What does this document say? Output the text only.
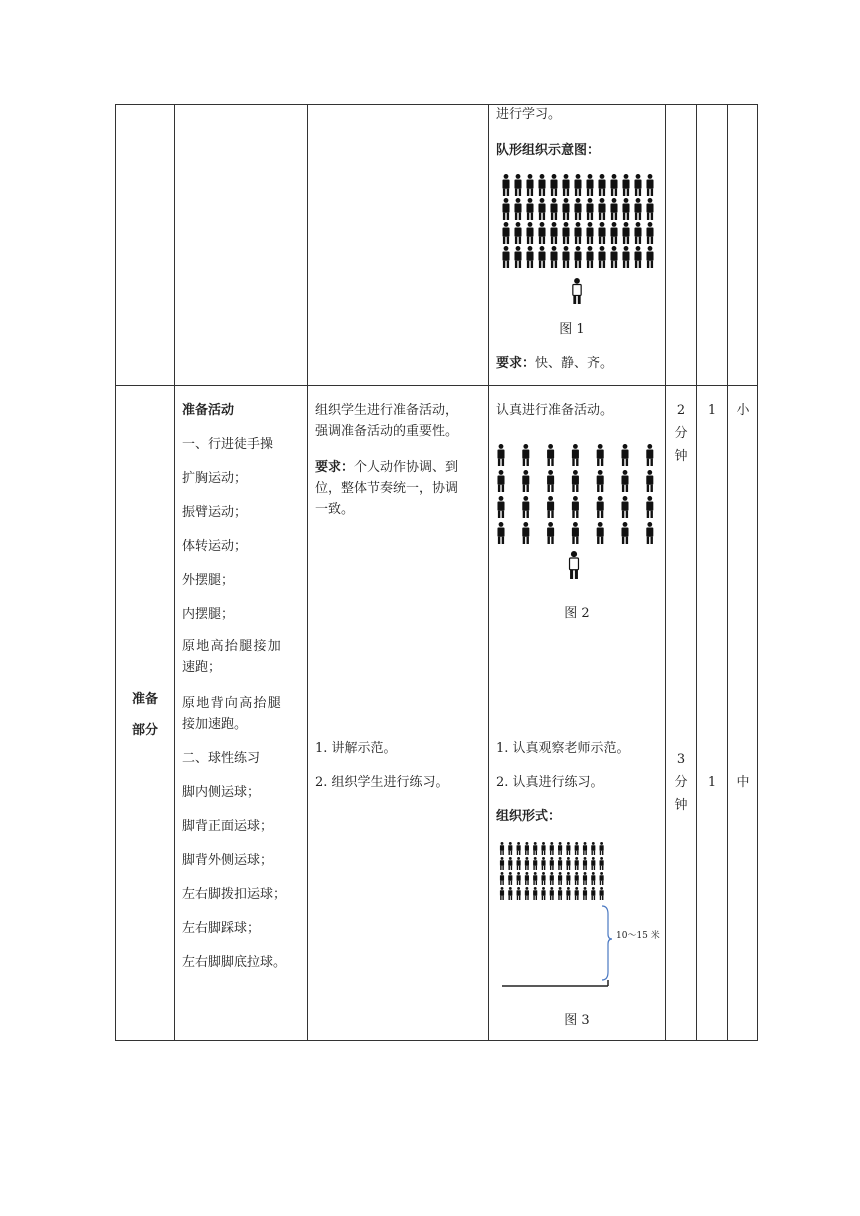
进行学习。
队形组织示意图：
图 1
要求：快、静、齐。
准备
部分
准备活动
一、行进徒手操
扩胸运动；
振臂运动；
体转运动；
外摆腿；
内摆腿；
原地高抬腿接加
速跑；
原地背向高抬腿
接加速跑。
二、球性练习
脚内侧运球；
脚背正面运球；
脚背外侧运球；
左右脚拨扣运球；
左右脚踩球；
左右脚脚底拉球。
组织学生进行准备活动，
强调准备活动的重要性。
要求：个人动作协调、到
位，整体节奏统一，协调
一致。
1. 讲解示范。
2. 组织学生进行练习。
认真进行准备活动。
图 2
1. 认真观察老师示范。
2. 认真进行练习。
组织形式：
10～15 米
图 3
2
分
钟
1	小
3
分
钟
1	中
